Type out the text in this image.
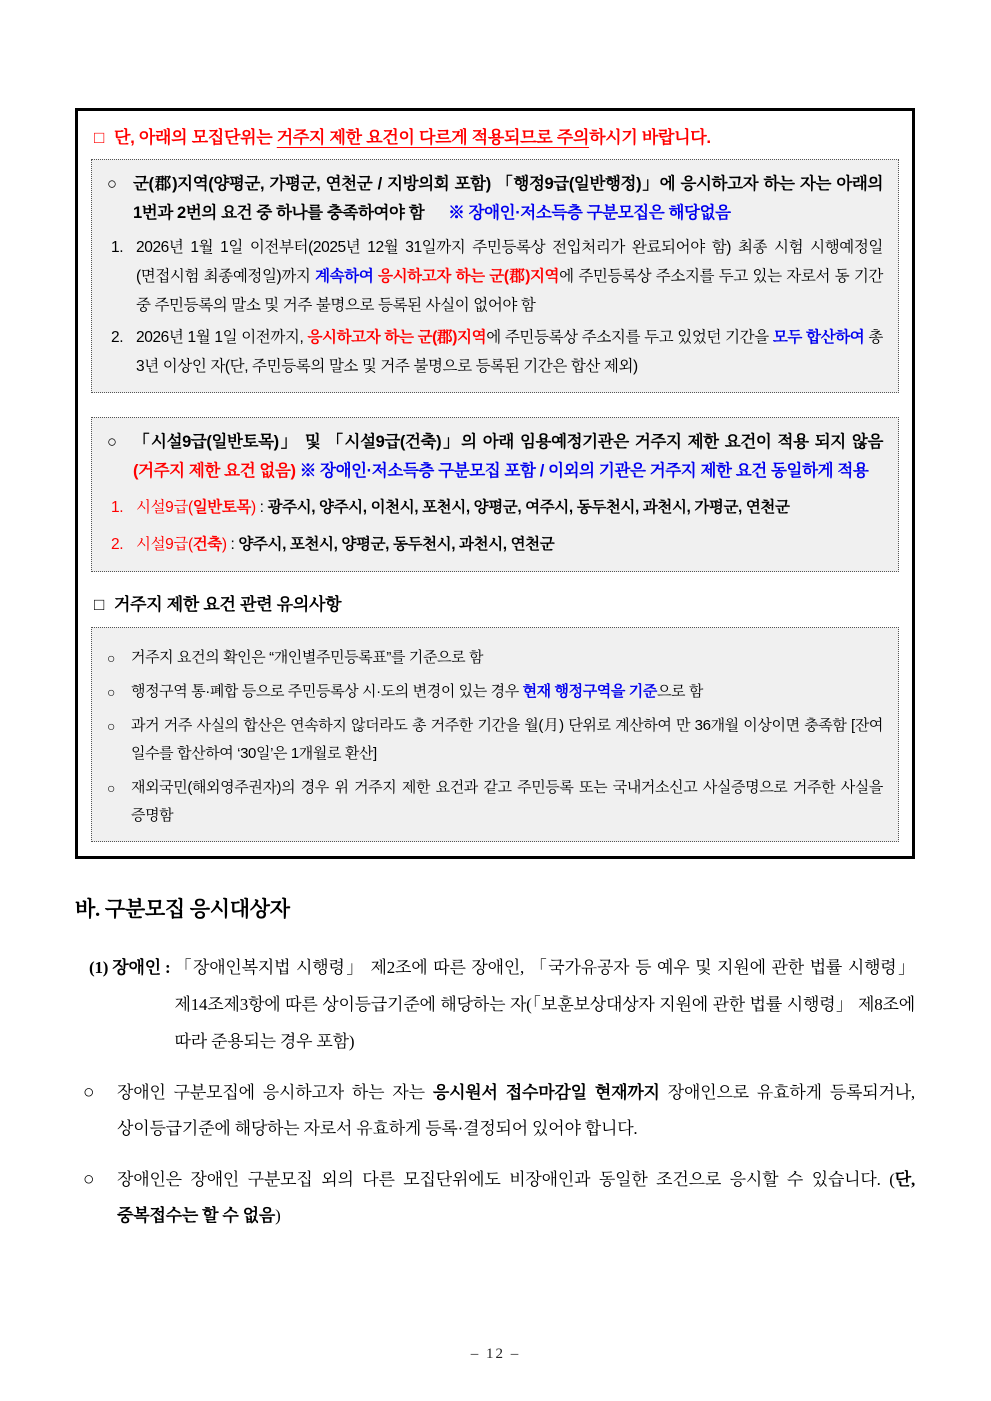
□ 단, 아래의 모집단위는 거주지 제한 요건이 다르게 적용되므로 주의하시기 바랍니다.
○ 군(郡)지역(양평군, 가평군, 연천군 / 지방의회 포함) 「행정9급(일반행정)」에 응시하고자 하는 자는 아래의 1번과 2번의 요건 중 하나를 충족하여야 함 ※ 장애인·저소득층 구분모집은 해당없음
1. 2026년 1월 1일 이전부터(2025년 12월 31일까지 주민등록상 전입처리가 완료되어야 함) 최종 시험 시행예정일(면접시험 최종예정일)까지 계속하여 응시하고자 하는 군(郡)지역에 주민등록상 주소지를 두고 있는 자로서 동 기간 중 주민등록의 말소 및 거주 불명으로 등록된 사실이 없어야 함
2. 2026년 1월 1일 이전까지, 응시하고자 하는 군(郡)지역에 주민등록상 주소지를 두고 있었던 기간을 모두 합산하여 총 3년 이상인 자(단, 주민등록의 말소 및 거주 불명으로 등록된 기간은 합산 제외)
○ 「시설9급(일반토목)」 및 「시설9급(건축)」의 아래 임용예정기관은 거주지 제한 요건이 적용 되지 않음(거주지 제한 요건 없음) ※ 장애인·저소득층 구분모집 포함 / 이외의 기관은 거주지 제한 요건 동일하게 적용
1. 시설9급(일반토목) : 광주시, 양주시, 이천시, 포천시, 양평군, 여주시, 동두천시, 과천시, 가평군, 연천군
2. 시설9급(건축) : 양주시, 포천시, 양평군, 동두천시, 과천시, 연천군
□ 거주지 제한 요건 관련 유의사항
○	거주지 요건의 확인은 “개인별주민등록표”를 기준으로 함
○	행정구역 통·폐합 등으로 주민등록상 시·도의 변경이 있는 경우 현재 행정구역을 기준으로 함
○	과거 거주 사실의 합산은 연속하지 않더라도 총 거주한 기간을 월(月) 단위로 계산하여 만 36개월 이상이면 충족함 [잔여 일수를 합산하여 ‘30일’은 1개월로 환산]
○	재외국민(해외영주권자)의 경우 위 거주지 제한 요건과 같고 주민등록 또는 국내거소신고 사실증명으로 거주한 사실을 증명함
바. 구분모집 응시대상자
(1) 장애인 : 「장애인복지법 시행령」 제2조에 따른 장애인, 「국가유공자 등 예우 및 지원에 관한 법률 시행령」 제14조제3항에 따른 상이등급기준에 해당하는 자(「보훈보상대상자 지원에 관한 법률 시행령」 제8조에 따라 준용되는 경우 포함)
○	장애인 구분모집에 응시하고자 하는 자는 응시원서 접수마감일 현재까지 장애인으로 유효하게 등록되거나, 상이등급기준에 해당하는 자로서 유효하게 등록·결정되어 있어야 합니다.
○	장애인은 장애인 구분모집 외의 다른 모집단위에도 비장애인과 동일한 조건으로 응시할 수 있습니다. (단, 중복접수는 할 수 없음)
– 12 –
